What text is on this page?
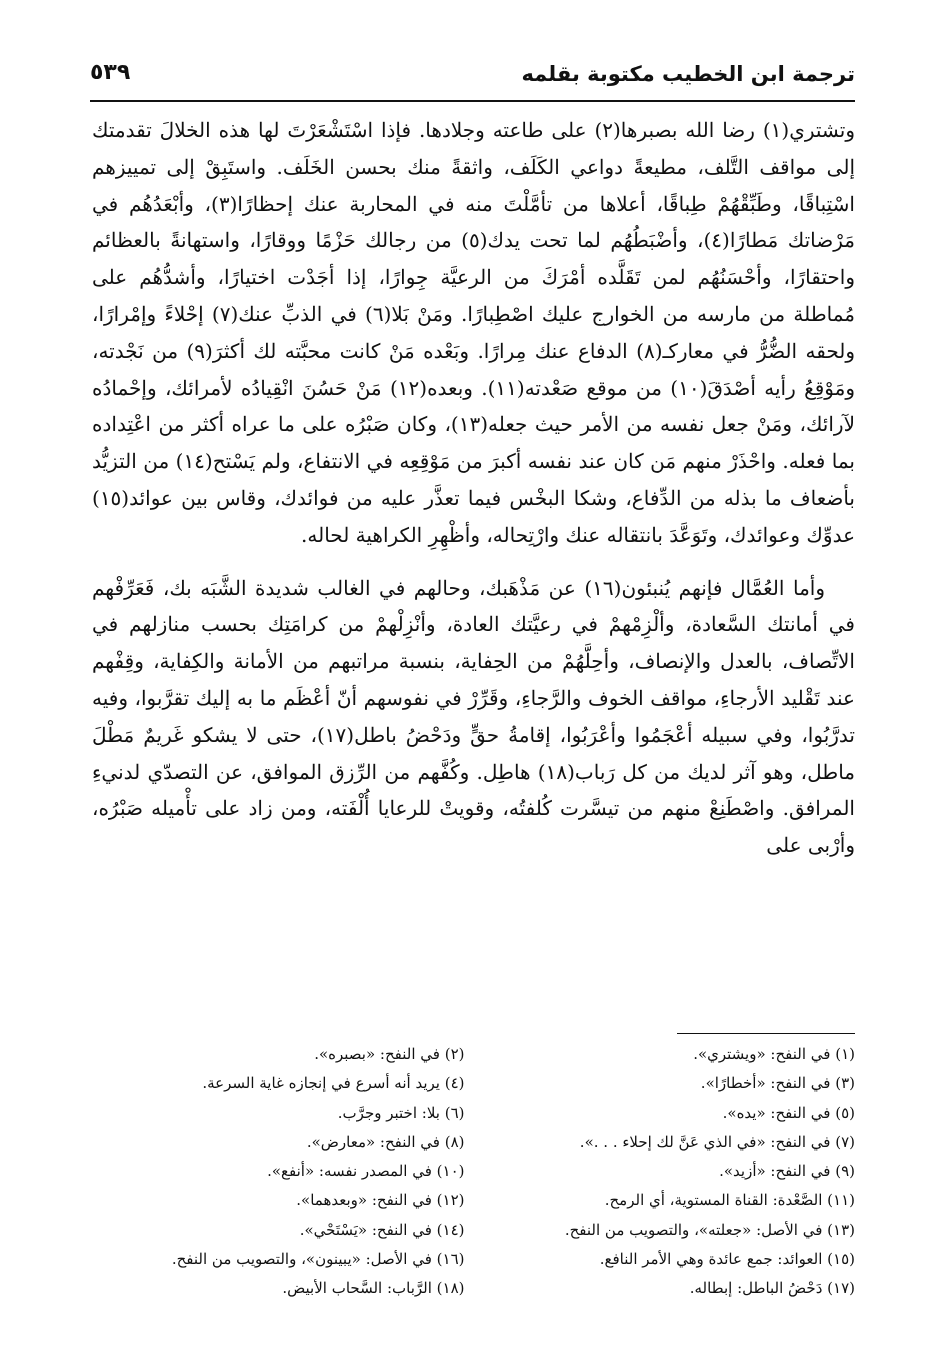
ترجمة ابن الخطيب مكتوبة بقلمه
٥٣٩

وتشتري(١) رضا الله بصبرها(٢) على طاعته وجلادها. فإذا اسْتَشْعَرْتَ لها هذه الخلالَ تقدمتك إلى مواقف التَّلف، مطيعةً دواعي الكَلَف، واثقةً منك بحسن الخَلَف. واستَبِقْ إلى تمييزهم اسْتِباقًا، وطَبِّقْهُمْ طِباقًا، أعلاها من تأمَّلْتَ منه في المحاربة عنك إحظارًا(٣)، وأبْعَدُهُم في مَرْضاتك مَطارًا(٤)، وأضْبَطُهُم لما تحت يدك(٥) من رجالك حَزْمًا ووقارًا، واستهانةً بالعظائم واحتقارًا، وأحْسَنُهُم لمن تَقَلَّده أمْرَكَ من الرعيَّة جِوارًا، إذا أجَدْت اختيارًا، وأشدُّهُم على مُماطلة من مارسه من الخوارج عليك اصْطِبارًا. ومَنْ بَلا(٦) في الذبِّ عنك(٧) إحْلاءً وإمْرارًا، ولحقه الضُّرُّ في معاركـ(٨) الدفاع عنك مِرارًا. وبَعْده مَنْ كانت محبَّته لك أكثرَ(٩) من نَجْدته، ومَوْقِعُ رأيه أصْدَقَ(١٠) من موقع صَعْدته(١١). وبعده(١٢) مَنْ حَسُنَ انْقِيادُه لأمرائك، وإحْمادُه لآرائك، ومَنْ جعل نفسه من الأمر حيث جعله(١٣)، وكان صَبْرُه على ما عراه أكثر من اعْتِداده بما فعله. واحْذَرْ منهم مَن كان عند نفسه أكبرَ من مَوْقِعِه في الانتفاع، ولم يَسْتح(١٤) من التزيُّد بأضعاف ما بذله من الدِّفاع، وشكا البخْس فيما تعذَّر عليه من فوائدك، وقاس بين عوائد(١٥) عدوِّك وعوائدك، وتَوَعَّدَ بانتقاله عنك وارْتِحاله، وأظْهِرِ الكراهية لحاله.

وأما العُمَّال فإنهم يُنبئون(١٦) عن مَذْهَبك، وحالهم في الغالب شديدة الشَّبَه بك، فَعَرِّفْهم في أمانتك السَّعادة، وألْزِمْهمْ في رعيَّتك العادة، وأنْزِلْهمْ من كرامَتِك بحسب منازلهم في الاتِّصاف، بالعدل والإنصاف، وأحِلَّهُمْ من الحِفاية، بنسبة مراتبهم من الأمانة والكِفاية، وقِفْهم عند تَقْليد الأرجاءِ، مواقف الخوف والرَّجاءِ، وقَرِّرْ في نفوسهم أنّ أعْظَم ما به إليك تقرَّبوا، وفيه تدرَّبُوا، وفي سبيله أعْجَمُوا وأعْرَبُوا، إقامةُ حقٍّ ودَحْضُ باطل(١٧)، حتى لا يشكو غَريمٌ مَطْلَ ماطل، وهو آثر لديك من كل رَباب(١٨) هاطِل. وكُفَّهم من الرِّزق الموافق، عن التصدّي لدنيءِ المرافق. واصْطَنِعْ منهم من تيسَّرت كُلفتُه، وقويتْ للرعايا أُلْفَته، ومن زاد على تأْميله صَبْرُه، وأرْبى على

(١) في النفح: «ويشتري».
(٢) في النفح: «بصبره».
(٣) في النفح: «أخطارًا».
(٤) يريد أنه أسرع في إنجازه غاية السرعة.
(٥) في النفح: «يده».
(٦) بلا: اختبر وجرَّب.
(٧) في النفح: «في الذي عَنَّ لك إحلاء . . .».
(٨) في النفح: «معارض».
(٩) في النفح: «أزيد».
(١٠) في المصدر نفسه: «أنفع».
(١١) الصَّعْدة: القناة المستوية، أي الرمح.
(١٢) في النفح: «وبعدهما».
(١٣) في الأصل: «جعلته»، والتصويب من النفح.
(١٤) في النفح: «يَسْتَحْي».
(١٥) العوائد: جمع عائدة وهي الأمر النافع.
(١٦) في الأصل: «يبينون»، والتصويب من النفح.
(١٧) دَحْضُ الباطل: إبطاله.
(١٨) الرَّباب: السَّحاب الأبيض.
